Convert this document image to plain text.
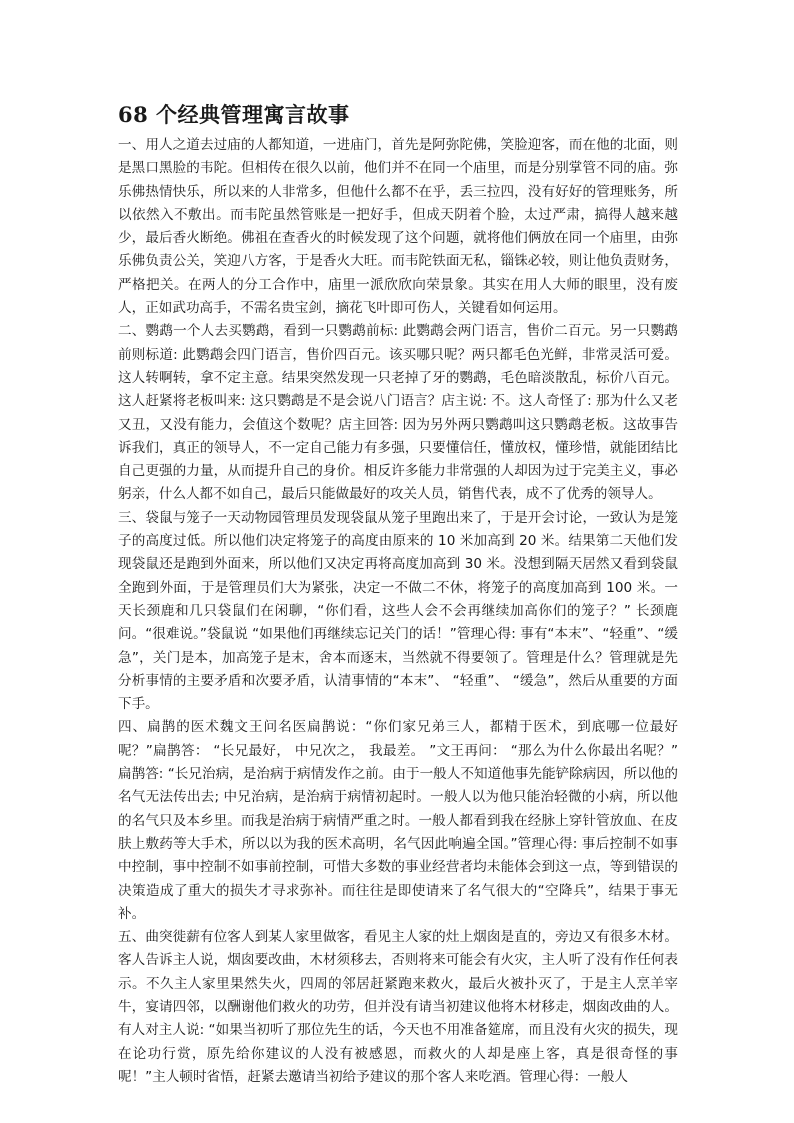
68 个经典管理寓言故事

一、用人之道去过庙的人都知道，一进庙门，首先是阿弥陀佛，笑脸迎客，而在他的北面，则是黑口黑脸的韦陀。但相传在很久以前，他们并不在同一个庙里，而是分别掌管不同的庙。弥乐佛热情快乐，所以来的人非常多，但他什么都不在乎，丢三拉四，没有好好的管理账务，所以依然入不敷出。而韦陀虽然管账是一把好手，但成天阴着个脸，太过严肃，搞得人越来越少，最后香火断绝。佛祖在查香火的时候发现了这个问题，就将他们俩放在同一个庙里，由弥乐佛负责公关，笑迎八方客，于是香火大旺。而韦陀铁面无私，锱铢必较，则让他负责财务，严格把关。在两人的分工合作中，庙里一派欣欣向荣景象。其实在用人大师的眼里，没有废人，正如武功高手，不需名贵宝剑，摘花飞叶即可伤人，关键看如何运用。

二、鹦鹉一个人去买鹦鹉，看到一只鹦鹉前标: 此鹦鹉会两门语言，售价二百元。另一只鹦鹉前则标道: 此鹦鹉会四门语言，售价四百元。该买哪只呢？两只都毛色光鲜，非常灵活可爱。这人转啊转，拿不定主意。结果突然发现一只老掉了牙的鹦鹉，毛色暗淡散乱，标价八百元。这人赶紧将老板叫来: 这只鹦鹉是不是会说八门语言？店主说: 不。这人奇怪了: 那为什么又老又丑，又没有能力，会值这个数呢？店主回答: 因为另外两只鹦鹉叫这只鹦鹉老板。这故事告诉我们，真正的领导人，不一定自己能力有多强，只要懂信任，懂放权，懂珍惜，就能团结比自己更强的力量，从而提升自己的身价。相反许多能力非常强的人却因为过于完美主义，事必躬亲，什么人都不如自己，最后只能做最好的攻关人员，销售代表，成不了优秀的领导人。

三、袋鼠与笼子一天动物园管理员发现袋鼠从笼子里跑出来了，于是开会讨论，一致认为是笼子的高度过低。所以他们决定将笼子的高度由原来的 10 米加高到 20 米。结果第二天他们发现袋鼠还是跑到外面来，所以他们又决定再将高度加高到 30 米。没想到隔天居然又看到袋鼠全跑到外面，于是管理员们大为紧张，决定一不做二不休，将笼子的高度加高到 100 米。一天长颈鹿和几只袋鼠们在闲聊，“你们看，这些人会不会再继续加高你们的笼子？” 长颈鹿问。“很难说。”袋鼠说 “如果他们再继续忘记关门的话！”管理心得: 事有“本末”、“轻重”、“缓急”，关门是本，加高笼子是末，舍本而逐末，当然就不得要领了。管理是什么？管理就是先分析事情的主要矛盾和次要矛盾，认清事情的“本末”、 “轻重”、 “缓急”，然后从重要的方面下手。

四、扁鹊的医术魏文王问名医扁鹊说：“你们家兄弟三人，都精于医术，到底哪一位最好呢？”扁鹊答： “长兄最好， 中兄次之， 我最差。 ”文王再问： “那么为什么你最出名呢？” 扁鹊答: “长兄治病，是治病于病情发作之前。由于一般人不知道他事先能铲除病因，所以他的名气无法传出去; 中兄治病，是治病于病情初起时。一般人以为他只能治轻微的小病，所以他的名气只及本乡里。而我是治病于病情严重之时。一般人都看到我在经脉上穿针管放血、在皮肤上敷药等大手术，所以以为我的医术高明，名气因此响遍全国。”管理心得: 事后控制不如事中控制，事中控制不如事前控制，可惜大多数的事业经营者均未能体会到这一点，等到错误的决策造成了重大的损失才寻求弥补。而往往是即使请来了名气很大的“空降兵”，结果于事无补。

五、曲突徙薪有位客人到某人家里做客，看见主人家的灶上烟囱是直的，旁边又有很多木材。客人告诉主人说，烟囱要改曲，木材须移去，否则将来可能会有火灾，主人听了没有作任何表示。不久主人家里果然失火，四周的邻居赶紧跑来救火，最后火被扑灭了，于是主人烹羊宰牛，宴请四邻，以酬谢他们救火的功劳，但并没有请当初建议他将木材移走，烟囱改曲的人。有人对主人说: “如果当初听了那位先生的话，今天也不用准备筵席，而且没有火灾的损失，现在论功行赏，原先给你建议的人没有被感恩，而救火的人却是座上客，真是很奇怪的事呢！”主人顿时省悟，赶紧去邀请当初给予建议的那个客人来吃酒。管理心得：一般人
